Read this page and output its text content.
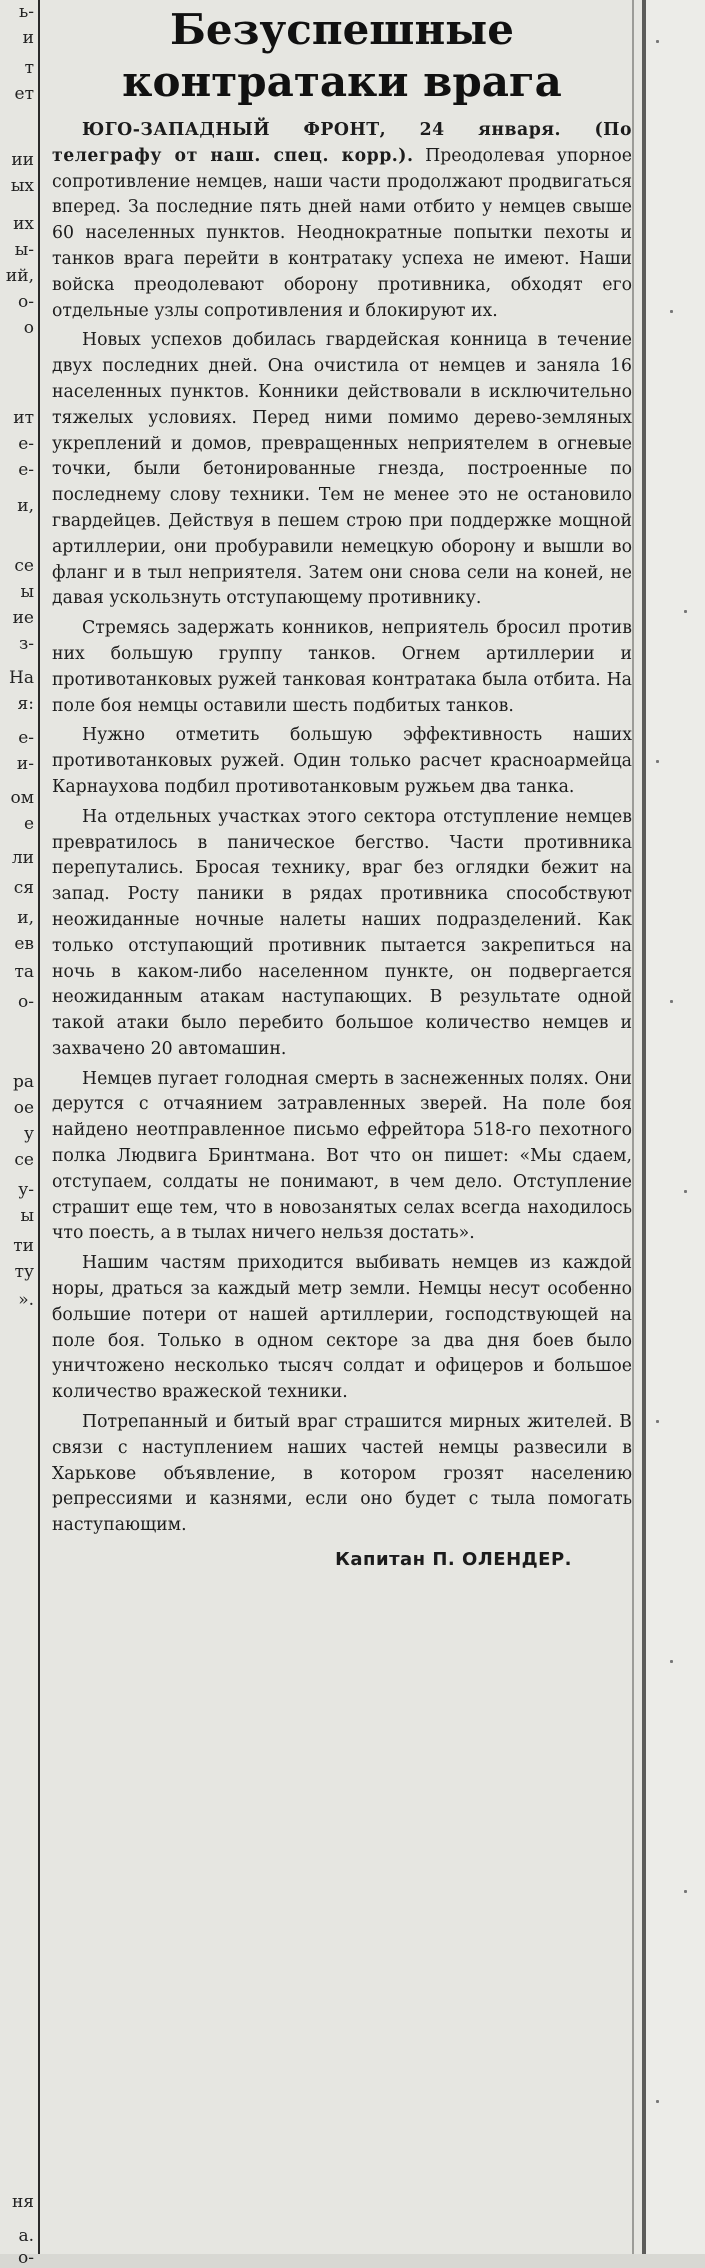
ь-
и
т
ет
ии
ых
их
ы-
ий,
о-
о
ит
е-
е-
и,
се
ы
ие
з-
На
я:
е-
и-
ом
е
ли
ся
и,
ев
та
о-
ра
ое
у
се
у-
ы
ти
ту
».
ня
а.
о-
Безуспешные
контратаки врага

ЮГО-ЗАПАДНЫЙ ФРОНТ, 24 января. (По телеграфу от наш. спец. корр.). Преодолевая упорное сопротивление немцев, наши части продолжают продвигаться вперед. За последние пять дней нами отбито у немцев свыше 60 населенных пунктов. Неоднократные попытки пехоты и танков врага перейти в контратаку успеха не имеют. Наши войска преодолевают оборону противника, обходят его отдельные узлы сопротивления и блокируют их.

Новых успехов добилась гвардейская конница в течение двух последних дней. Она очистила от немцев и заняла 16 населенных пунктов. Конники действовали в исключительно тяжелых условиях. Перед ними помимо дерево-земляных укреплений и домов, превращенных неприятелем в огневые точки, были бетонированные гнезда, построенные по последнему слову техники. Тем не менее это не остановило гвардейцев. Действуя в пешем строю при поддержке мощной артиллерии, они пробуравили немецкую оборону и вышли во фланг и в тыл неприятеля. Затем они снова сели на коней, не давая ускользнуть отступающему противнику.

Стремясь задержать конников, неприятель бросил против них большую группу танков. Огнем артиллерии и противотанковых ружей танковая контратака была отбита. На поле боя немцы оставили шесть подбитых танков.

Нужно отметить большую эффективность наших противотанковых ружей. Один только расчет красноармейца Карнаухова подбил противотанковым ружьем два танка.

На отдельных участках этого сектора отступление немцев превратилось в паническое бегство. Части противника перепутались. Бросая технику, враг без оглядки бежит на запад. Росту паники в рядах противника способствуют неожиданные ночные налеты наших подразделений. Как только отступающий противник пытается закрепиться на ночь в каком-либо населенном пункте, он подвергается неожиданным атакам наступающих. В результате одной такой атаки было перебито большое количество немцев и захвачено 20 автомашин.

Немцев пугает голодная смерть в заснеженных полях. Они дерутся с отчаянием затравленных зверей. На поле боя найдено неотправленное письмо ефрейтора 518-го пехотного полка Людвига Бринтмана. Вот что он пишет: «Мы сдаем, отступаем, солдаты не понимают, в чем дело. Отступление страшит еще тем, что в новозанятых селах всегда находилось что поесть, а в тылах ничего нельзя достать».

Нашим частям приходится выбивать немцев из каждой норы, драться за каждый метр земли. Немцы несут особенно большие потери от нашей артиллерии, господствующей на поле боя. Только в одном секторе за два дня боев было уничтожено несколько тысяч солдат и офицеров и большое количество вражеской техники.

Потрепанный и битый враг страшится мирных жителей. В связи с наступлением наших частей немцы развесили в Харькове объявление, в котором грозят населению репрессиями и казнями, если оно будет с тыла помогать наступающим.

Капитан П. ОЛЕНДЕР.
